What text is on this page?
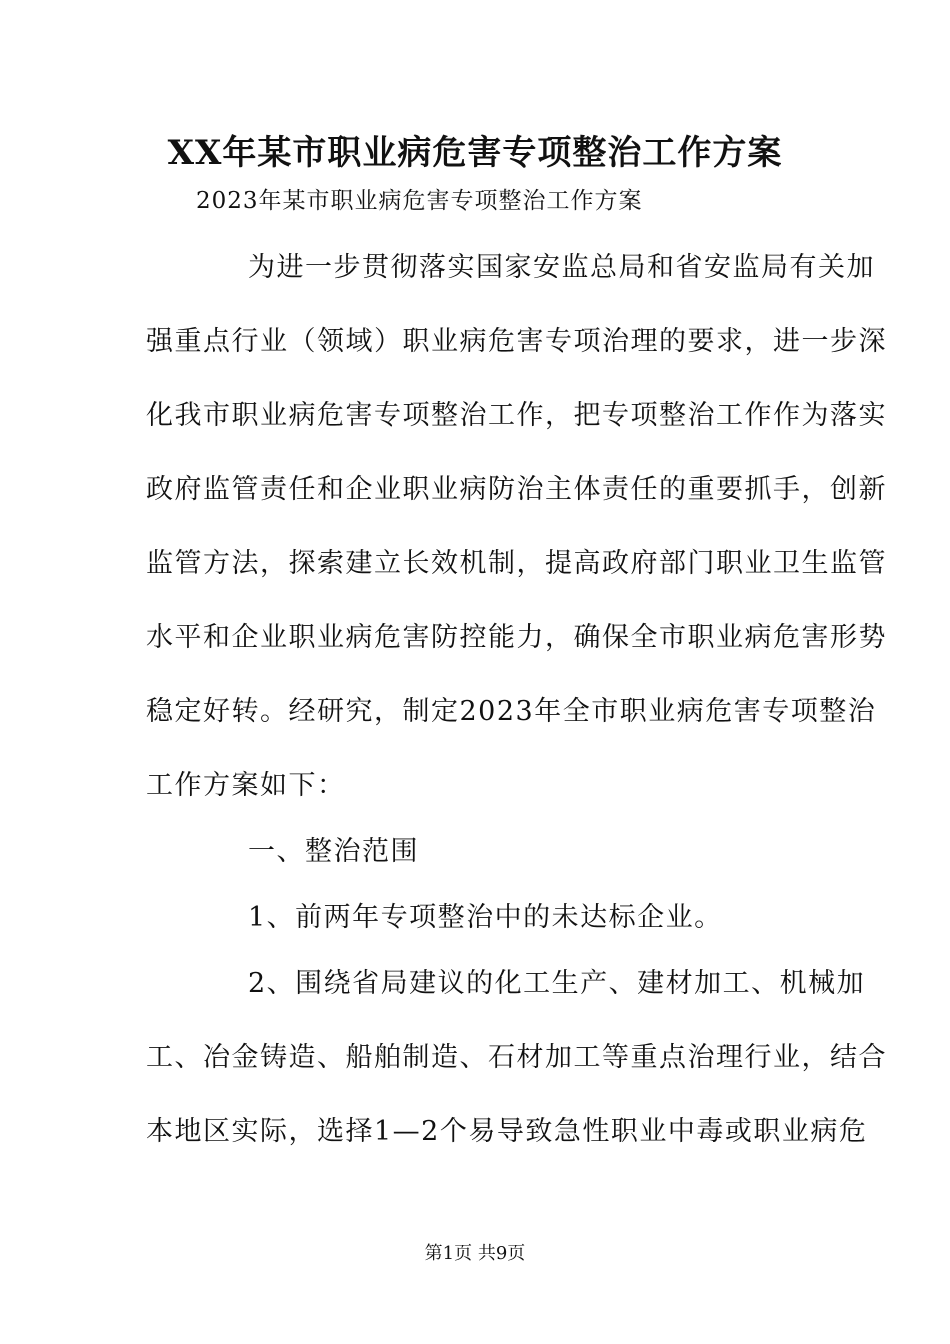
XX年某市职业病危害专项整治工作方案
2023年某市职业病危害专项整治工作方案
为进一步贯彻落实国家安监总局和省安监局有关加
强重点行业（领域）职业病危害专项治理的要求，进一步深
化我市职业病危害专项整治工作，把专项整治工作作为落实
政府监管责任和企业职业病防治主体责任的重要抓手，创新
监管方法，探索建立长效机制，提高政府部门职业卫生监管
水平和企业职业病危害防控能力，确保全市职业病危害形势
稳定好转。经研究，制定2023年全市职业病危害专项整治
工作方案如下：
一、整治范围
1、前两年专项整治中的未达标企业。
2、围绕省局建议的化工生产、建材加工、机械加
工、冶金铸造、船舶制造、石材加工等重点治理行业，结合
本地区实际，选择1—2个易导致急性职业中毒或职业病危
第1页 共9页
